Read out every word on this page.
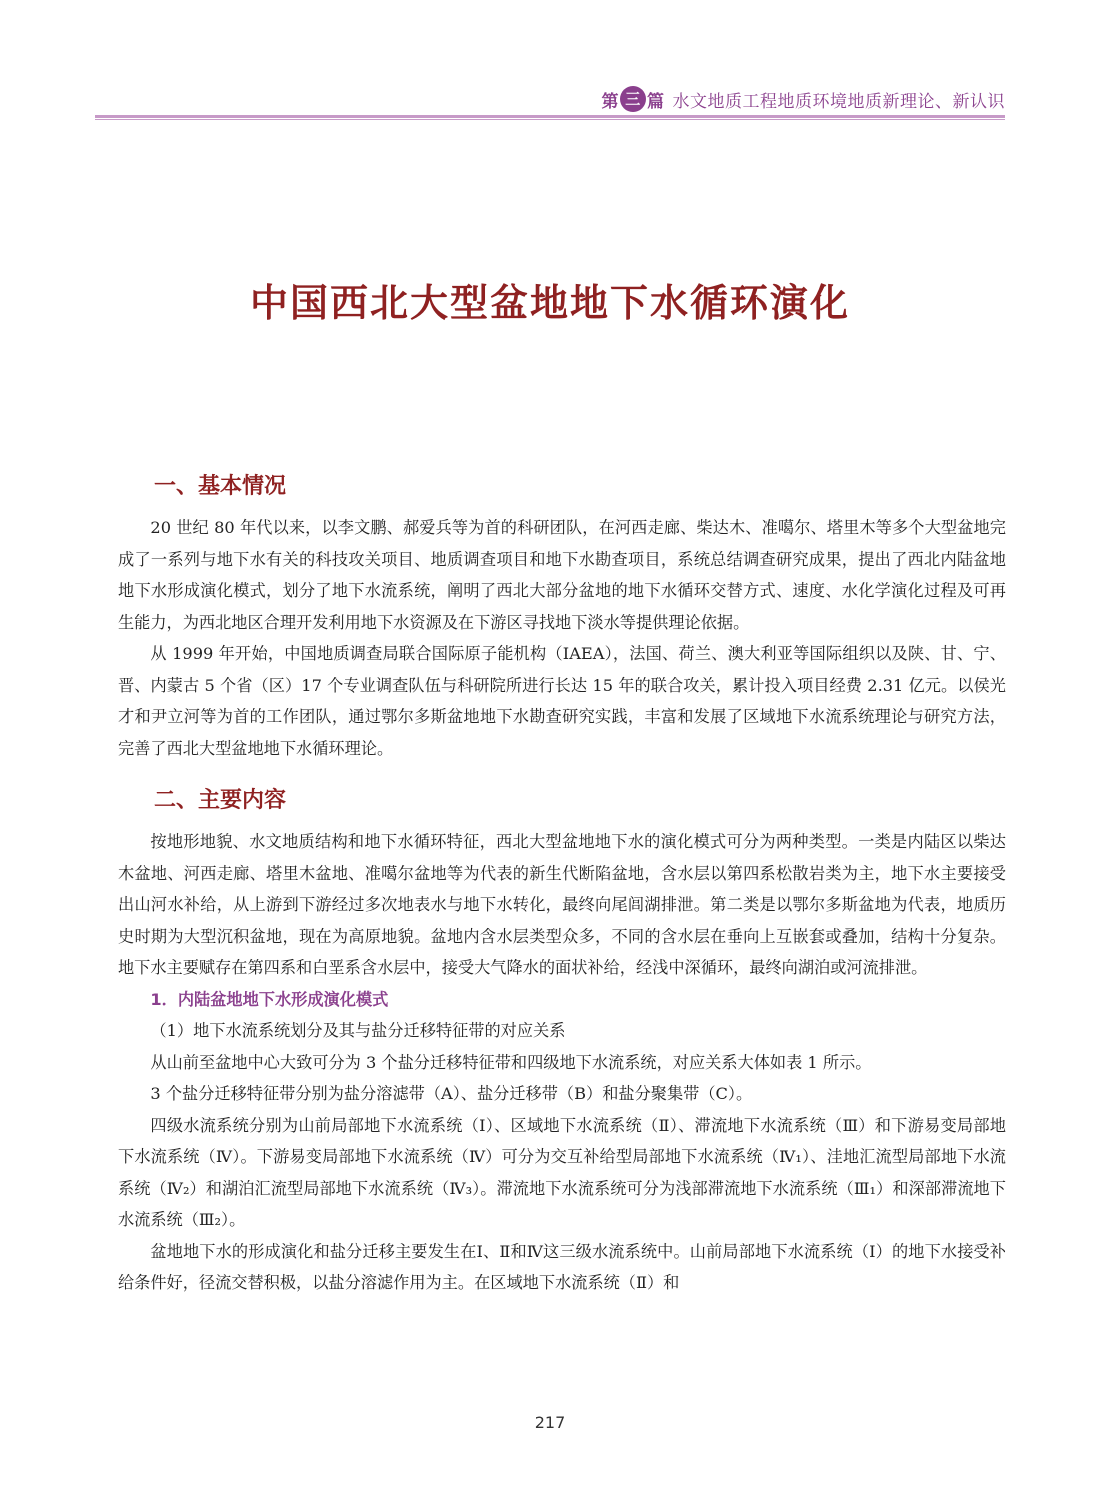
第 三 篇 水文地质工程地质环境地质新理论、新认识
中国西北大型盆地地下水循环演化
一、基本情况

20 世纪 80 年代以来，以李文鹏、郝爱兵等为首的科研团队，在河西走廊、柴达木、准噶尔、塔里木等多个大型盆地完成了一系列与地下水有关的科技攻关项目、地质调查项目和地下水勘查项目，系统总结调查研究成果，提出了西北内陆盆地地下水形成演化模式，划分了地下水流系统，阐明了西北大部分盆地的地下水循环交替方式、速度、水化学演化过程及可再生能力，为西北地区合理开发利用地下水资源及在下游区寻找地下淡水等提供理论依据。

从 1999 年开始，中国地质调查局联合国际原子能机构（IAEA），法国、荷兰、澳大利亚等国际组织以及陕、甘、宁、晋、内蒙古 5 个省（区）17 个专业调查队伍与科研院所进行长达 15 年的联合攻关，累计投入项目经费 2.31 亿元。以侯光才和尹立河等为首的工作团队，通过鄂尔多斯盆地地下水勘查研究实践，丰富和发展了区域地下水流系统理论与研究方法，完善了西北大型盆地地下水循环理论。

二、主要内容

按地形地貌、水文地质结构和地下水循环特征，西北大型盆地地下水的演化模式可分为两种类型。一类是内陆区以柴达木盆地、河西走廊、塔里木盆地、准噶尔盆地等为代表的新生代断陷盆地，含水层以第四系松散岩类为主，地下水主要接受出山河水补给，从上游到下游经过多次地表水与地下水转化，最终向尾闾湖排泄。第二类是以鄂尔多斯盆地为代表，地质历史时期为大型沉积盆地，现在为高原地貌。盆地内含水层类型众多，不同的含水层在垂向上互嵌套或叠加，结构十分复杂。地下水主要赋存在第四系和白垩系含水层中，接受大气降水的面状补给，经浅中深循环，最终向湖泊或河流排泄。

1．内陆盆地地下水形成演化模式

（1）地下水流系统划分及其与盐分迁移特征带的对应关系

从山前至盆地中心大致可分为 3 个盐分迁移特征带和四级地下水流系统，对应关系大体如表 1 所示。

3 个盐分迁移特征带分别为盐分溶滤带（A）、盐分迁移带（B）和盐分聚集带（C）。

四级水流系统分别为山前局部地下水流系统（Ⅰ）、区域地下水流系统（Ⅱ）、滞流地下水流系统（Ⅲ）和下游易变局部地下水流系统（Ⅳ）。下游易变局部地下水流系统（Ⅳ）可分为交互补给型局部地下水流系统（Ⅳ₁）、洼地汇流型局部地下水流系统（Ⅳ₂）和湖泊汇流型局部地下水流系统（Ⅳ₃）。滞流地下水流系统可分为浅部滞流地下水流系统（Ⅲ₁）和深部滞流地下水流系统（Ⅲ₂）。

盆地地下水的形成演化和盐分迁移主要发生在Ⅰ、Ⅱ和Ⅳ这三级水流系统中。山前局部地下水流系统（Ⅰ）的地下水接受补给条件好，径流交替积极，以盐分溶滤作用为主。在区域地下水流系统（Ⅱ）和

217
